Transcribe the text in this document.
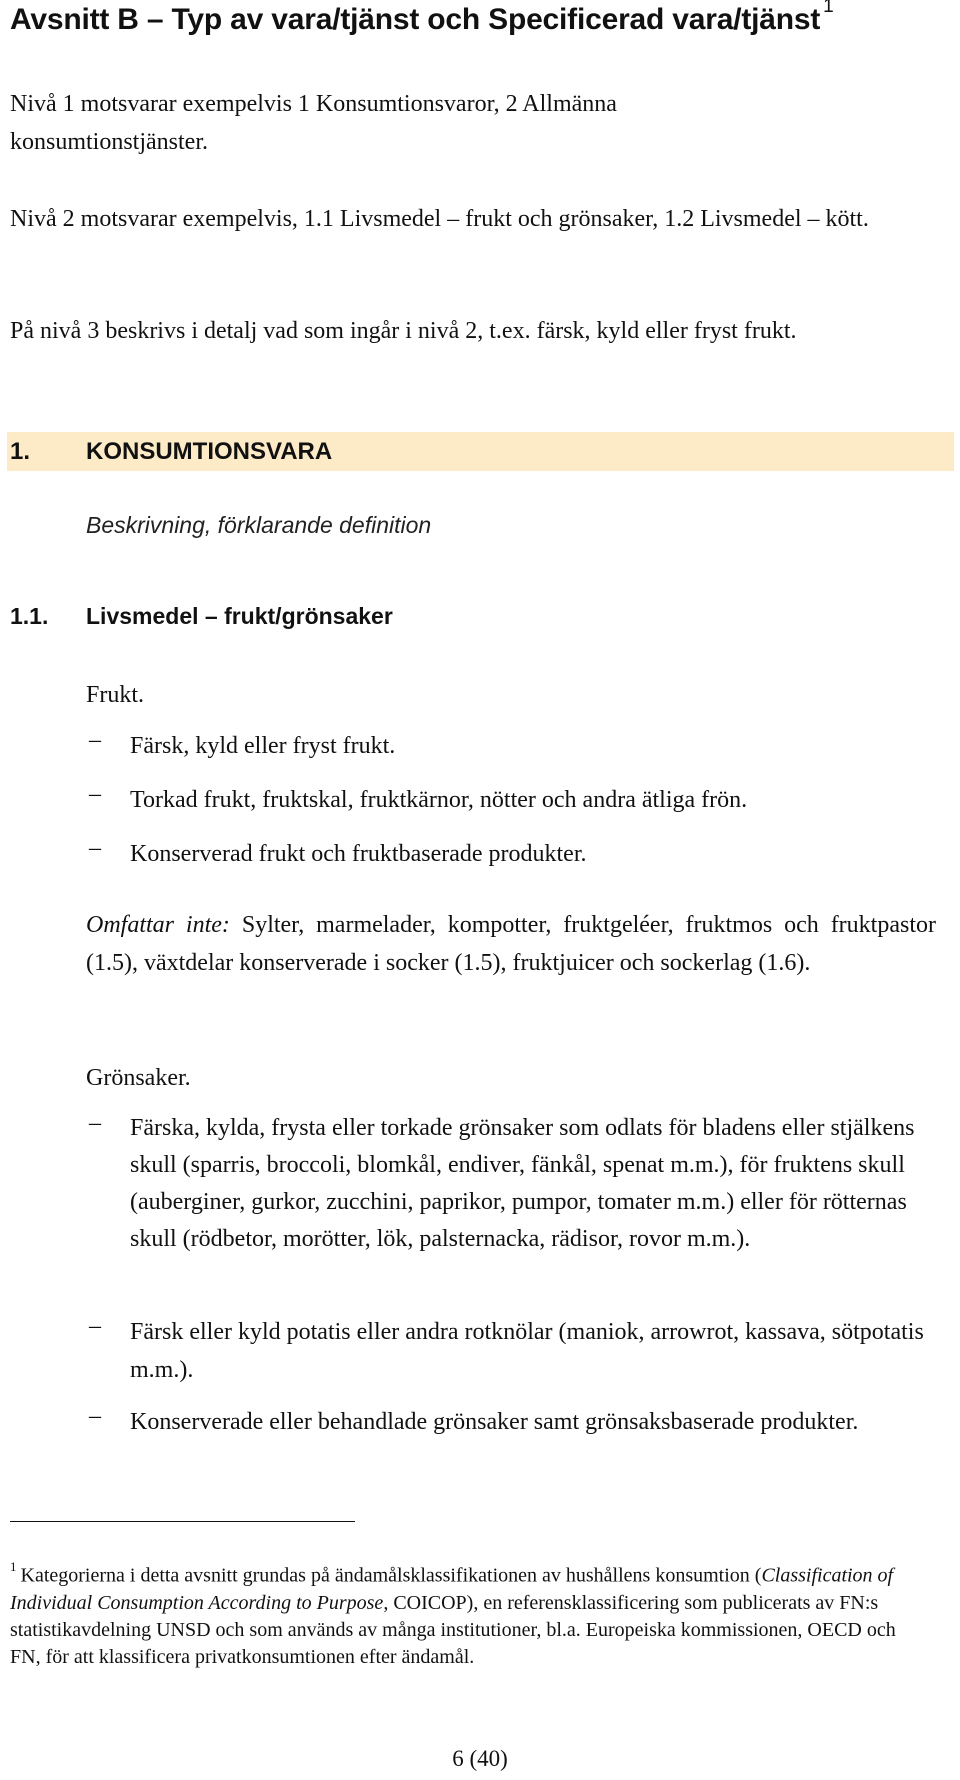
Avsnitt B – Typ av vara/tjänst och Specificerad vara/tjänst $^1$

Nivå 1 motsvarar exempelvis 1 Konsumtionsvaror, 2 Allmänna konsumtionstjänster.

Nivå 2 motsvarar exempelvis, 1.1 Livsmedel – frukt och grönsaker, 1.2 Livsmedel – kött.

På nivå 3 beskrivs i detalj vad som ingår i nivå 2, t.ex. färsk, kyld eller fryst frukt.

1. KONSUMTIONSVARA
Beskrivning, förklarande definition
1.1. Livsmedel – frukt/grönsaker

Frukt.

–	Färsk, kyld eller fryst frukt.
–	Torkad frukt, fruktskal, fruktkärnor, nötter och andra ätliga frön.
–	Konserverad frukt och fruktbaserade produkter.

Omfattar inte: Sylter, marmelader, kompotter, fruktgeléer, fruktmos och fruktpastor (1.5), växtdelar konserverade i socker (1.5), fruktjuicer och sockerlag (1.6).

Grönsaker.

–	Färska, kylda, frysta eller torkade grönsaker som odlats för bladens eller stjälkens skull (sparris, broccoli, blomkål, endiver, fänkål, spenat m.m.), för fruktens skull (auberginer, gurkor, zucchini, paprikor, pumpor, tomater m.m.) eller för rötternas skull (rödbetor, morötter, lök, palsternacka, rädisor, rovor m.m.).
–	Färsk eller kyld potatis eller andra rotknölar (maniok, arrowrot, kassava, sötpotatis m.m.).
–	Konserverade eller behandlade grönsaker samt grönsaksbaserade produkter.

$^1$ Kategorierna i detta avsnitt grundas på ändamålsklassifikationen av hushållens konsumtion (Classification of Individual Consumption According to Purpose, COICOP), en referensklassificering som publicerats av FN:s statistikavdelning UNSD och som används av många institutioner, bl.a. Europeiska kommissionen, OECD och FN, för att klassificera privatkonsumtionen efter ändamål.

6 (40)
